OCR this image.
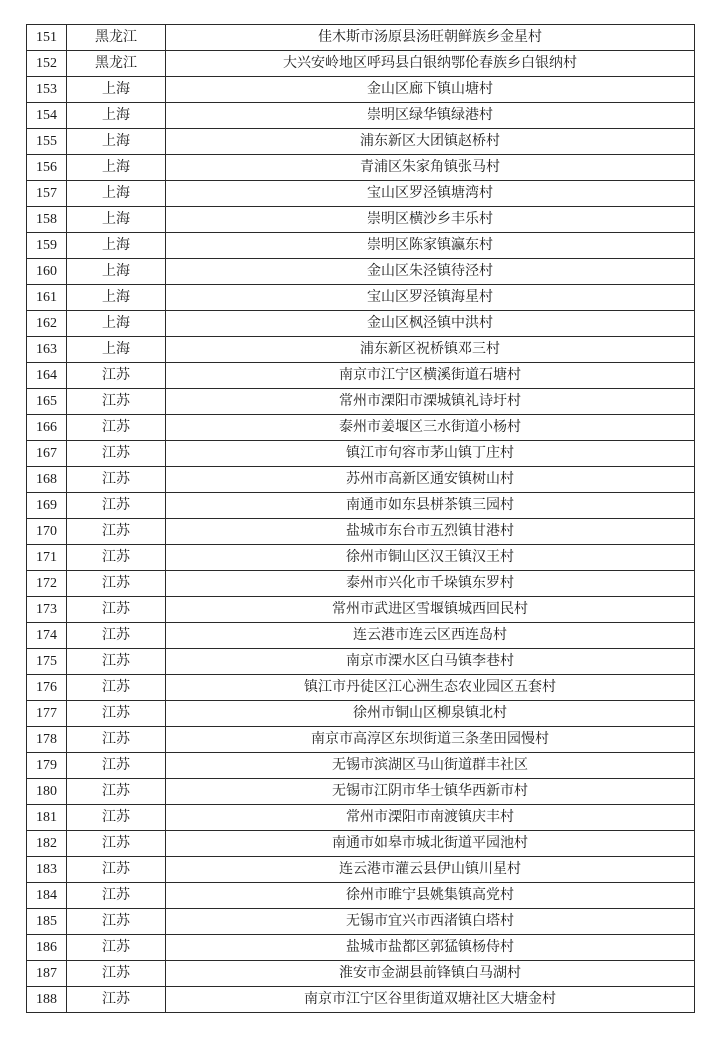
151	黑龙江	佳木斯市汤原县汤旺朝鲜族乡金星村
152	黑龙江	大兴安岭地区呼玛县白银纳鄂伦春族乡白银纳村
153	上海	金山区廊下镇山塘村
154	上海	崇明区绿华镇绿港村
155	上海	浦东新区大团镇赵桥村
156	上海	青浦区朱家角镇张马村
157	上海	宝山区罗泾镇塘湾村
158	上海	崇明区横沙乡丰乐村
159	上海	崇明区陈家镇瀛东村
160	上海	金山区朱泾镇待泾村
161	上海	宝山区罗泾镇海星村
162	上海	金山区枫泾镇中洪村
163	上海	浦东新区祝桥镇邓三村
164	江苏	南京市江宁区横溪街道石塘村
165	江苏	常州市溧阳市溧城镇礼诗圩村
166	江苏	泰州市姜堰区三水街道小杨村
167	江苏	镇江市句容市茅山镇丁庄村
168	江苏	苏州市高新区通安镇树山村
169	江苏	南通市如东县栟茶镇三园村
170	江苏	盐城市东台市五烈镇甘港村
171	江苏	徐州市铜山区汉王镇汉王村
172	江苏	泰州市兴化市千垛镇东罗村
173	江苏	常州市武进区雪堰镇城西回民村
174	江苏	连云港市连云区西连岛村
175	江苏	南京市溧水区白马镇李巷村
176	江苏	镇江市丹徒区江心洲生态农业园区五套村
177	江苏	徐州市铜山区柳泉镇北村
178	江苏	南京市高淳区东坝街道三条垄田园慢村
179	江苏	无锡市滨湖区马山街道群丰社区
180	江苏	无锡市江阴市华士镇华西新市村
181	江苏	常州市溧阳市南渡镇庆丰村
182	江苏	南通市如皋市城北街道平园池村
183	江苏	连云港市灌云县伊山镇川星村
184	江苏	徐州市睢宁县姚集镇高党村
185	江苏	无锡市宜兴市西渚镇白塔村
186	江苏	盐城市盐都区郭猛镇杨侍村
187	江苏	淮安市金湖县前锋镇白马湖村
188	江苏	南京市江宁区谷里街道双塘社区大塘金村
